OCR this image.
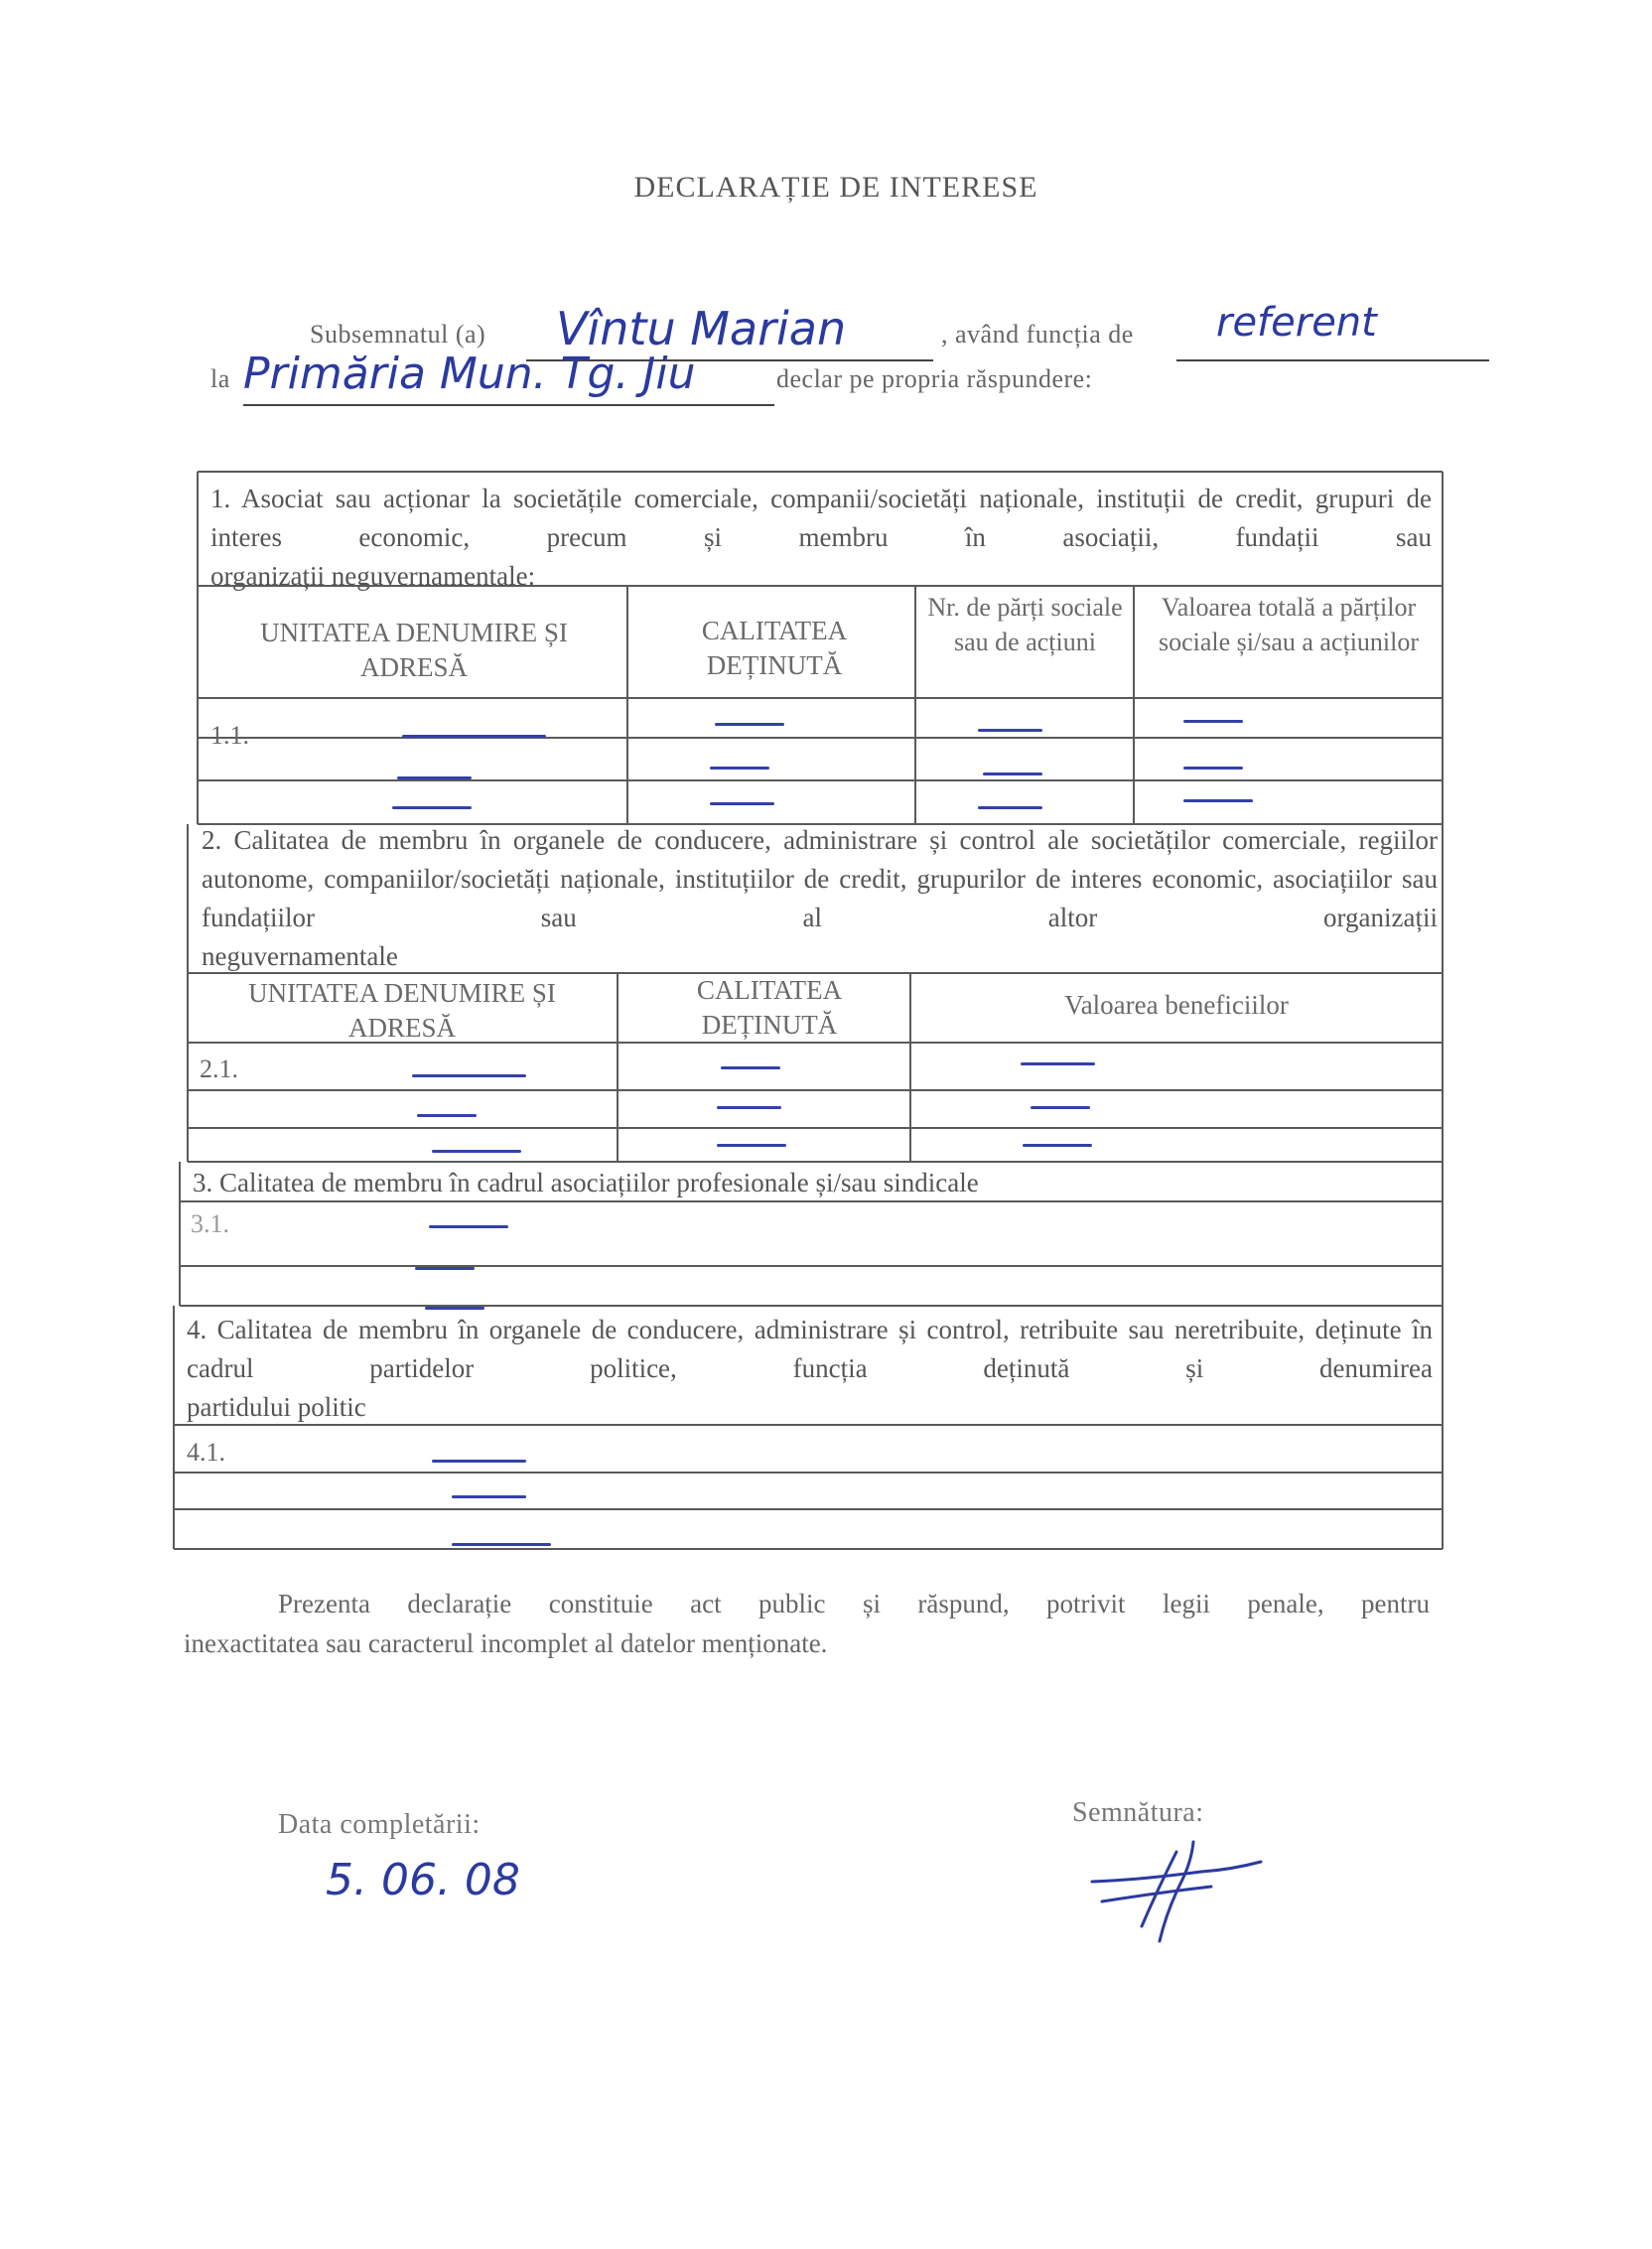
DECLARAȚIE DE INTERESE
Subsemnatul (a) Vîntu Marian	, având funcția de referent
la Primăria Mun. Tg. Jiu	declar pe propria răspundere:
1. Asociat sau acționar la societățile comerciale, companii/societăți naționale, instituții de credit, grupuri de interes economic, precum și membru în asociații, fundații sau
organizații neguvernamentale:
UNITATEA DENUMIRE ȘI ADRESĂ
CALITATEA DEȚINUTĂ
Nr. de părți sociale sau de acțiuni
Valoarea totală a părților sociale și/sau a acțiunilor
1.1.
2. Calitatea de membru în organele de conducere, administrare și control ale societăților comerciale, regiilor autonome, companiilor/societăți naționale, instituțiilor de credit, grupurilor de interes economic, asociațiilor sau fundațiilor sau al altor organizații
neguvernamentale
UNITATEA DENUMIRE ȘI ADRESĂ
CALITATEA DEȚINUTĂ
Valoarea beneficiilor
2.1.
3. Calitatea de membru în cadrul asociațiilor profesionale și/sau sindicale
3.1.
4. Calitatea de membru în organele de conducere, administrare și control, retribuite sau neretribuite, deținute în cadrul partidelor politice, funcția deținută și denumirea
partidului politic
4.1.
Prezenta declarație constituie act public și răspund, potrivit legii penale, pentru
inexactitatea sau caracterul incomplet al datelor menționate.
Data completării:
5. 06. 08
Semnătura:
